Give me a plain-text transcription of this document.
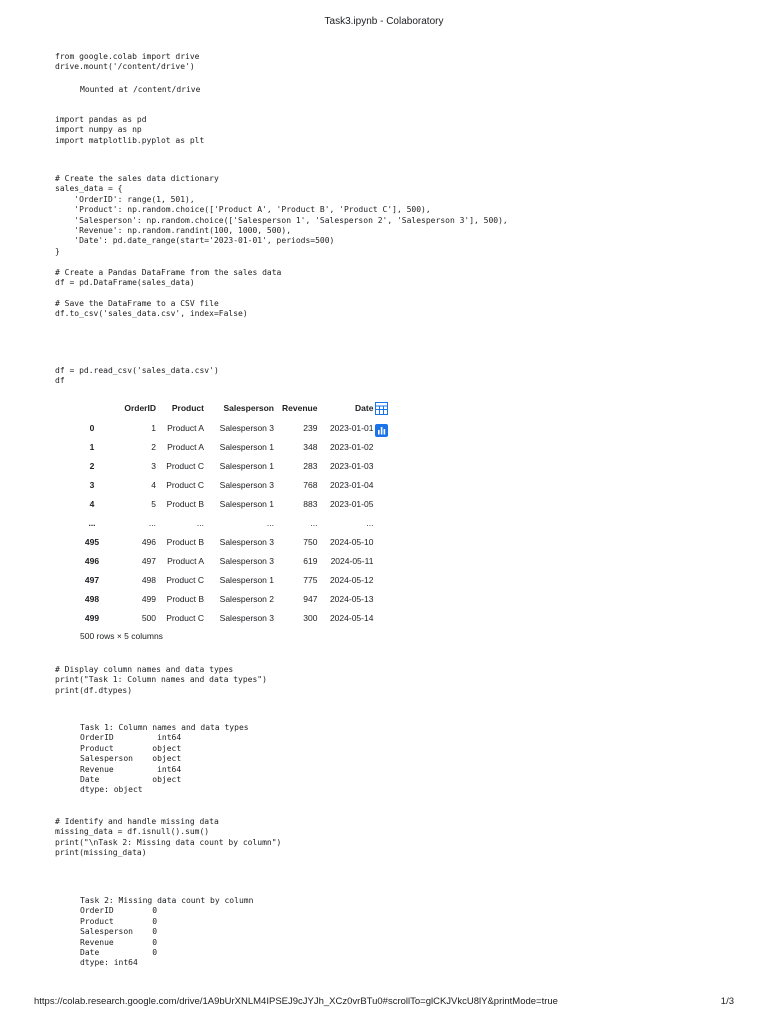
Task3.ipynb - Colaboratory
from google.colab import drive
drive.mount('/content/drive')
Mounted at /content/drive
import pandas as pd
import numpy as np
import matplotlib.pyplot as plt
# Create the sales data dictionary
sales_data = {
'OrderID': range(1, 501),
'Product': np.random.choice(['Product A', 'Product B', 'Product C'], 500),
'Salesperson': np.random.choice(['Salesperson 1', 'Salesperson 2', 'Salesperson 3'], 500),
'Revenue': np.random.randint(100, 1000, 500),
'Date': pd.date_range(start='2023-01-01', periods=500)
}

# Create a Pandas DataFrame from the sales data
df = pd.DataFrame(sales_data)

# Save the DataFrame to a CSV file
df.to_csv('sales_data.csv', index=False)
df = pd.read_csv('sales_data.csv')
df
	OrderID	Product	Salesperson	Revenue	Date
0	1	Product A	Salesperson 3	239	2023-01-01
1	2	Product A	Salesperson 1	348	2023-01-02
2	3	Product C	Salesperson 1	283	2023-01-03
3	4	Product C	Salesperson 3	768	2023-01-04
4	5	Product B	Salesperson 1	883	2023-01-05
...	...	...	...	...	...
495	496	Product B	Salesperson 3	750	2024-05-10
496	497	Product A	Salesperson 3	619	2024-05-11
497	498	Product C	Salesperson 1	775	2024-05-12
498	499	Product B	Salesperson 2	947	2024-05-13
499	500	Product C	Salesperson 3	300	2024-05-14
500 rows × 5 columns
# Display column names and data types
print("Task 1: Column names and data types")
print(df.dtypes)
Task 1: Column names and data types
OrderID         int64
Product        object
Salesperson    object
Revenue         int64
Date           object
dtype: object
# Identify and handle missing data
missing_data = df.isnull().sum()
print("\nTask 2: Missing data count by column")
print(missing_data)
Task 2: Missing data count by column
OrderID        0
Product        0
Salesperson    0
Revenue        0
Date           0
dtype: int64
https://colab.research.google.com/drive/1A9bUrXNLM4IPSEJ9cJYJh_XCz0vrBTu0#scrollTo=glCKJVkcU8lY&printMode=true	1/3
